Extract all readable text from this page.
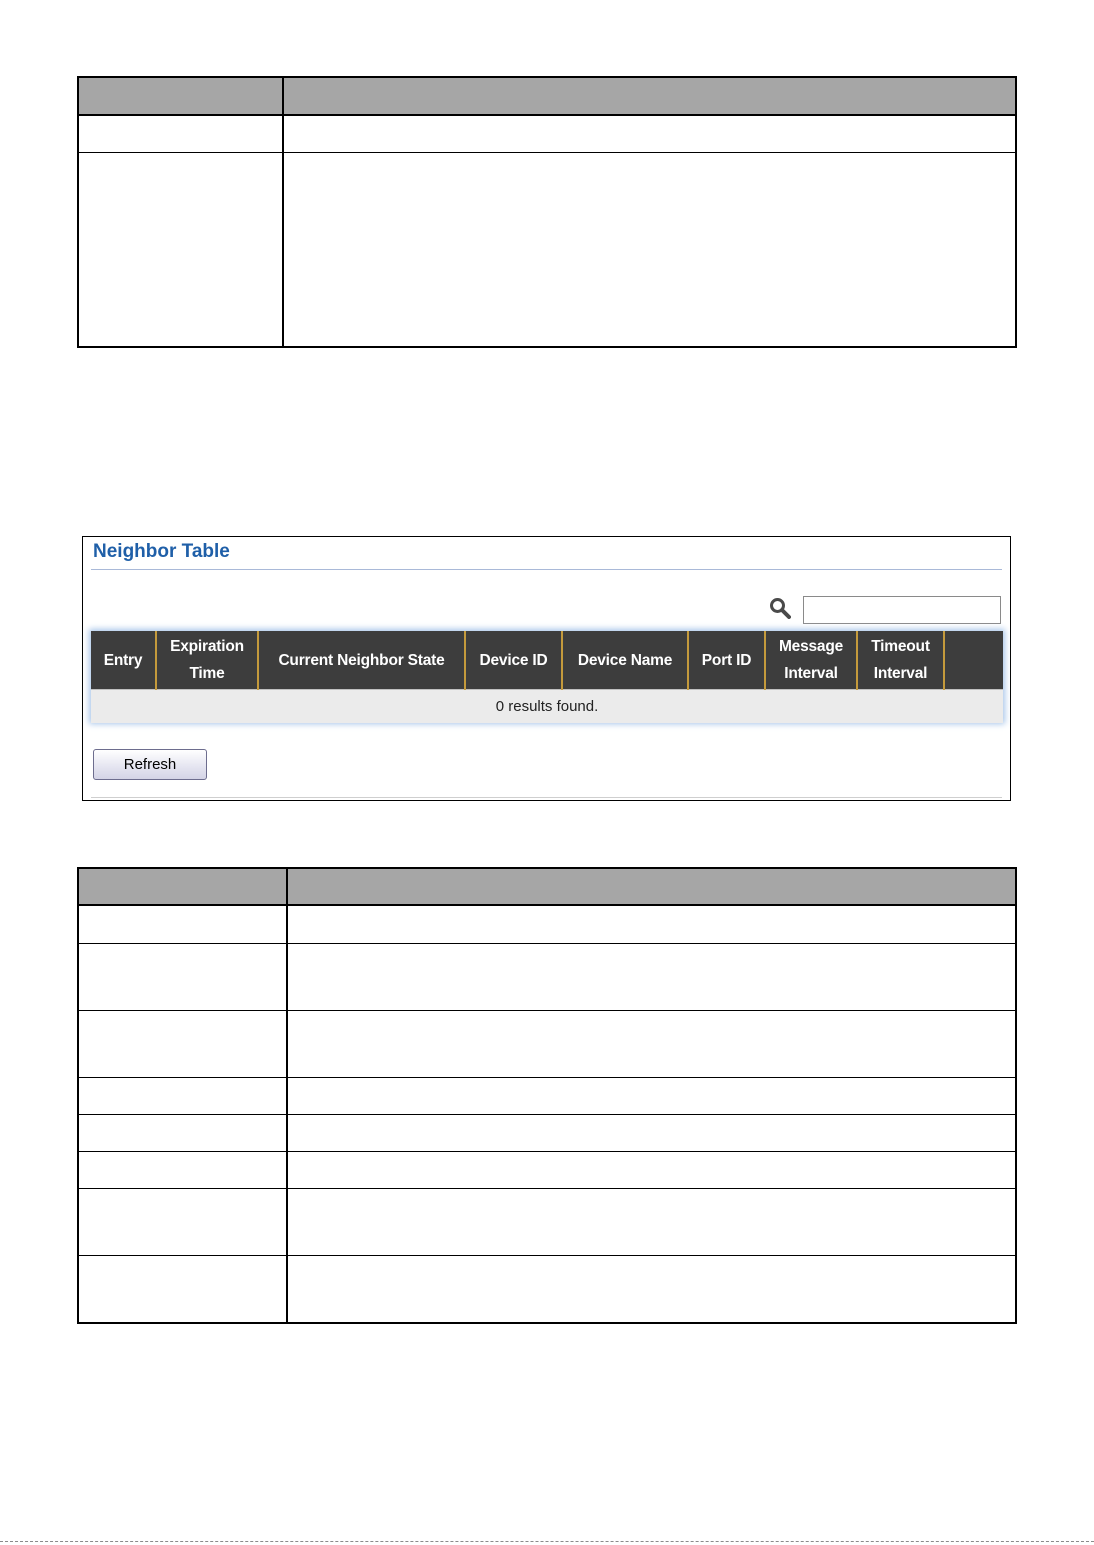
Neighbor Table
Entry	Expiration Time	Current Neighbor State	Device ID	Device Name	Port ID	Message Interval	Timeout Interval	
0 results found.
Refresh
